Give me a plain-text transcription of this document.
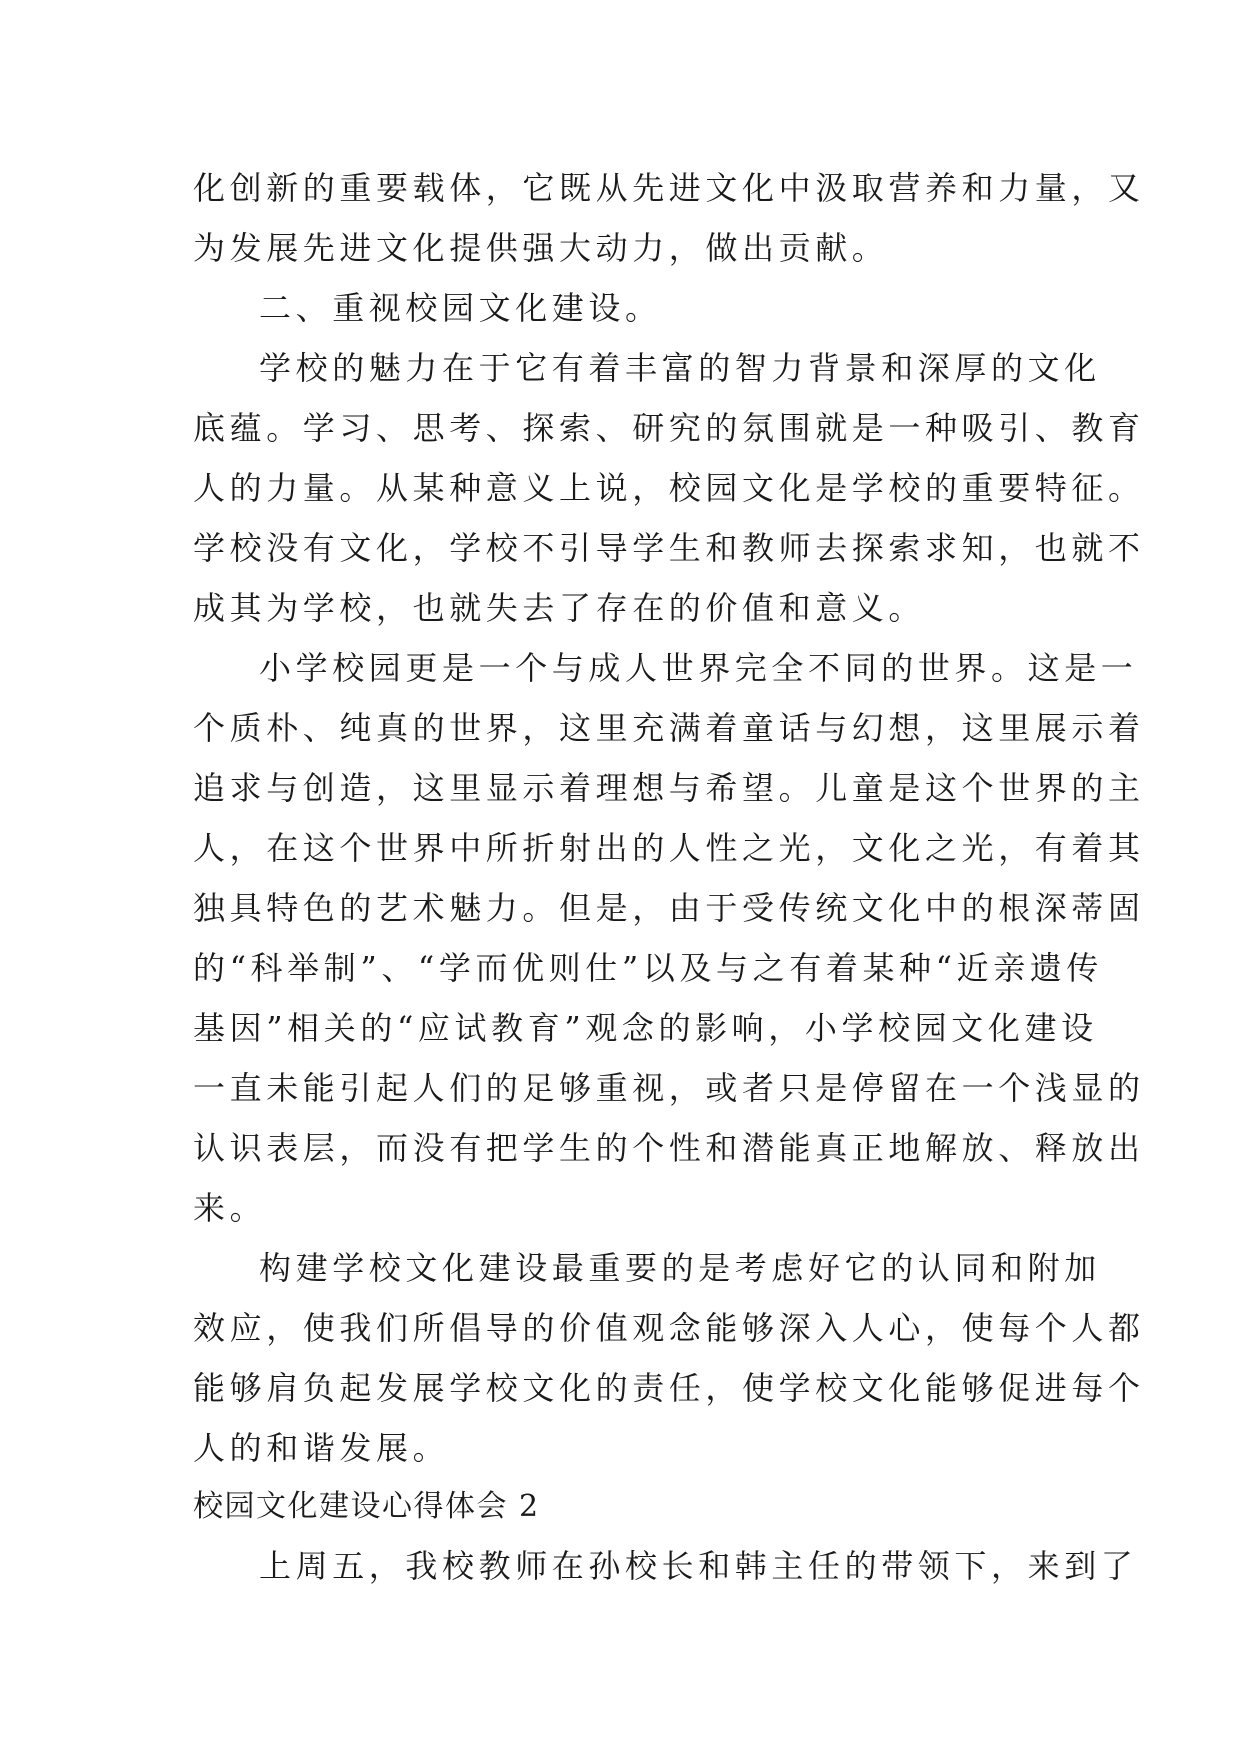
化创新的重要载体，它既从先进文化中汲取营养和力量，又
为发展先进文化提供强大动力，做出贡献。
二、重视校园文化建设。
学校的魅力在于它有着丰富的智力背景和深厚的文化
底蕴。学习、思考、探索、研究的氛围就是一种吸引、教育
人的力量。从某种意义上说，校园文化是学校的重要特征。
学校没有文化，学校不引导学生和教师去探索求知，也就不
成其为学校，也就失去了存在的价值和意义。
小学校园更是一个与成人世界完全不同的世界。这是一
个质朴、纯真的世界，这里充满着童话与幻想，这里展示着
追求与创造，这里显示着理想与希望。儿童是这个世界的主
人，在这个世界中所折射出的人性之光，文化之光，有着其
独具特色的艺术魅力。但是，由于受传统文化中的根深蒂固
的“科举制”、“学而优则仕”以及与之有着某种“近亲遗传
基因”相关的“应试教育”观念的影响，小学校园文化建设
一直未能引起人们的足够重视，或者只是停留在一个浅显的
认识表层，而没有把学生的个性和潜能真正地解放、释放出
来。
构建学校文化建设最重要的是考虑好它的认同和附加
效应，使我们所倡导的价值观念能够深入人心，使每个人都
能够肩负起发展学校文化的责任，使学校文化能够促进每个
人的和谐发展。
校园文化建设心得体会 2
上周五，我校教师在孙校长和韩主任的带领下，来到了
